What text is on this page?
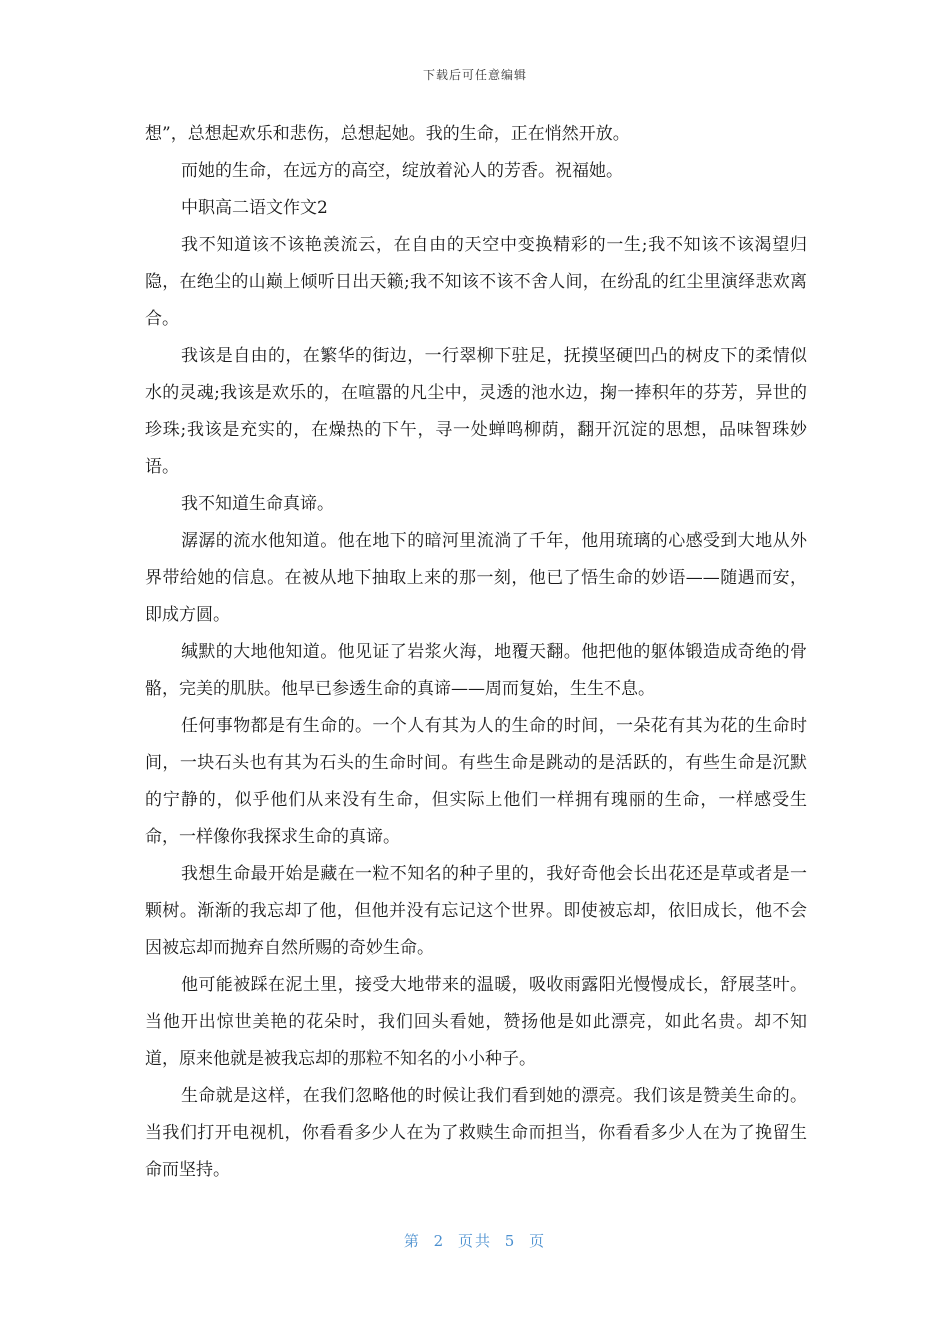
下载后可任意编辑

想”，总想起欢乐和悲伤，总想起她。我的生命，正在悄然开放。

而她的生命，在远方的高空，绽放着沁人的芳香。祝福她。

中职高二语文作文2

我不知道该不该艳羡流云，在自由的天空中变换精彩的一生;我不知该不该渴望归隐，在绝尘的山巅上倾听日出天籁;我不知该不该不舍人间，在纷乱的红尘里演绎悲欢离合。

我该是自由的，在繁华的街边，一行翠柳下驻足，抚摸坚硬凹凸的树皮下的柔情似水的灵魂;我该是欢乐的，在喧嚣的凡尘中，灵透的池水边，掬一捧积年的芬芳，异世的珍珠;我该是充实的，在燥热的下午，寻一处蝉鸣柳荫，翻开沉淀的思想，品味智珠妙语。

我不知道生命真谛。

潺潺的流水他知道。他在地下的暗河里流淌了千年，他用琉璃的心感受到大地从外界带给她的信息。在被从地下抽取上来的那一刻，他已了悟生命的妙语——随遇而安，即成方圆。

缄默的大地他知道。他见证了岩浆火海，地覆天翻。他把他的躯体锻造成奇绝的骨骼，完美的肌肤。他早已参透生命的真谛——周而复始，生生不息。

任何事物都是有生命的。一个人有其为人的生命的时间，一朵花有其为花的生命时间，一块石头也有其为石头的生命时间。有些生命是跳动的是活跃的，有些生命是沉默的宁静的，似乎他们从来没有生命，但实际上他们一样拥有瑰丽的生命，一样感受生命，一样像你我探求生命的真谛。

我想生命最开始是藏在一粒不知名的种子里的，我好奇他会长出花还是草或者是一颗树。渐渐的我忘却了他，但他并没有忘记这个世界。即使被忘却，依旧成长，他不会因被忘却而抛弃自然所赐的奇妙生命。

他可能被踩在泥土里，接受大地带来的温暖，吸收雨露阳光慢慢成长，舒展茎叶。当他开出惊世美艳的花朵时，我们回头看她，赞扬他是如此漂亮，如此名贵。却不知道，原来他就是被我忘却的那粒不知名的小小种子。

生命就是这样，在我们忽略他的时候让我们看到她的漂亮。我们该是赞美生命的。当我们打开电视机，你看看多少人在为了救赎生命而担当，你看看多少人在为了挽留生命而坚持。

第 2 页共 5 页
